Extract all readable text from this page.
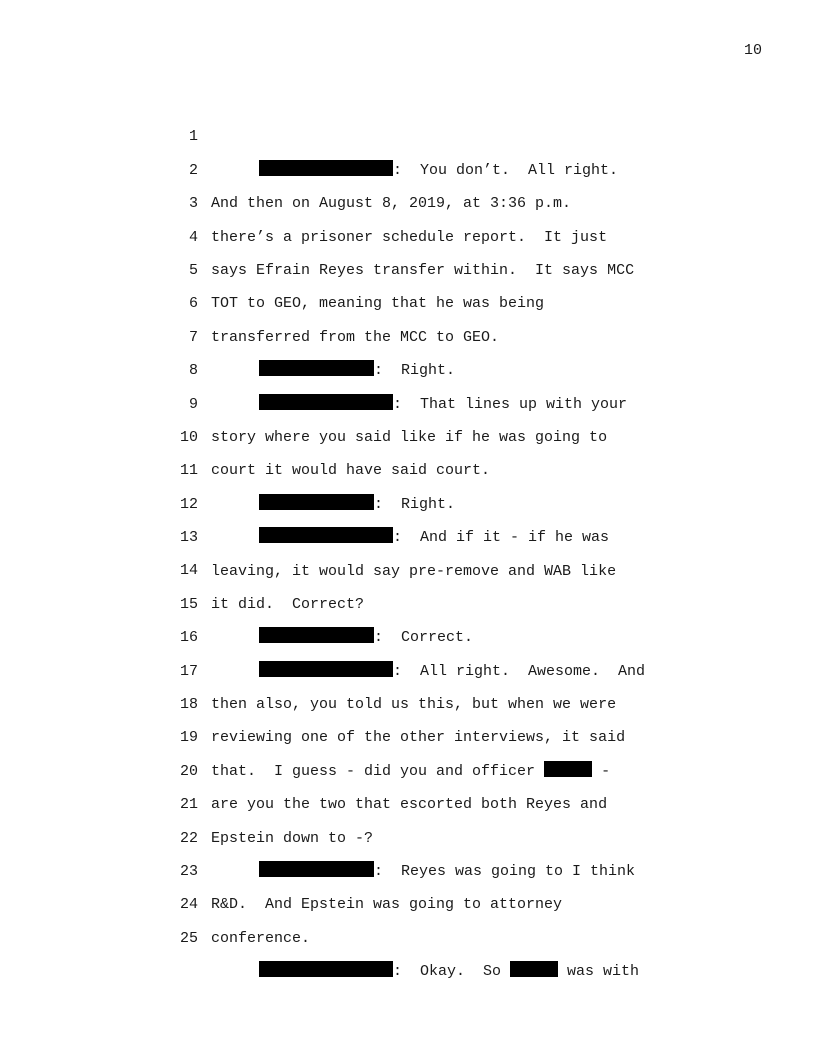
10

1

:  You don’t.  All right.

2

And then on August 8, 2019, at 3:36 p.m.

3

there’s a prisoner schedule report.  It just

4

says Efrain Reyes transfer within.  It says MCC

5

TOT to GEO, meaning that he was being

6

transferred from the MCC to GEO.

7

:  Right.

8

:  That lines up with your

9

story where you said like if he was going to

10

court it would have said court.

11

:  Right.

12

:  And if it - if he was

13

leaving, it would say pre-remove and WAB like

14

it did.  Correct?

15

:  Correct.

16

:  All right.  Awesome.  And

17

then also, you told us this, but when we were

18

reviewing one of the other interviews, it said

19

that.  I guess - did you and officer	-

20

are you the two that escorted both Reyes and

21

Epstein down to -?

22

:  Reyes was going to I think

23

R&D.  And Epstein was going to attorney

24

conference.

25

:  Okay.  So	was with
